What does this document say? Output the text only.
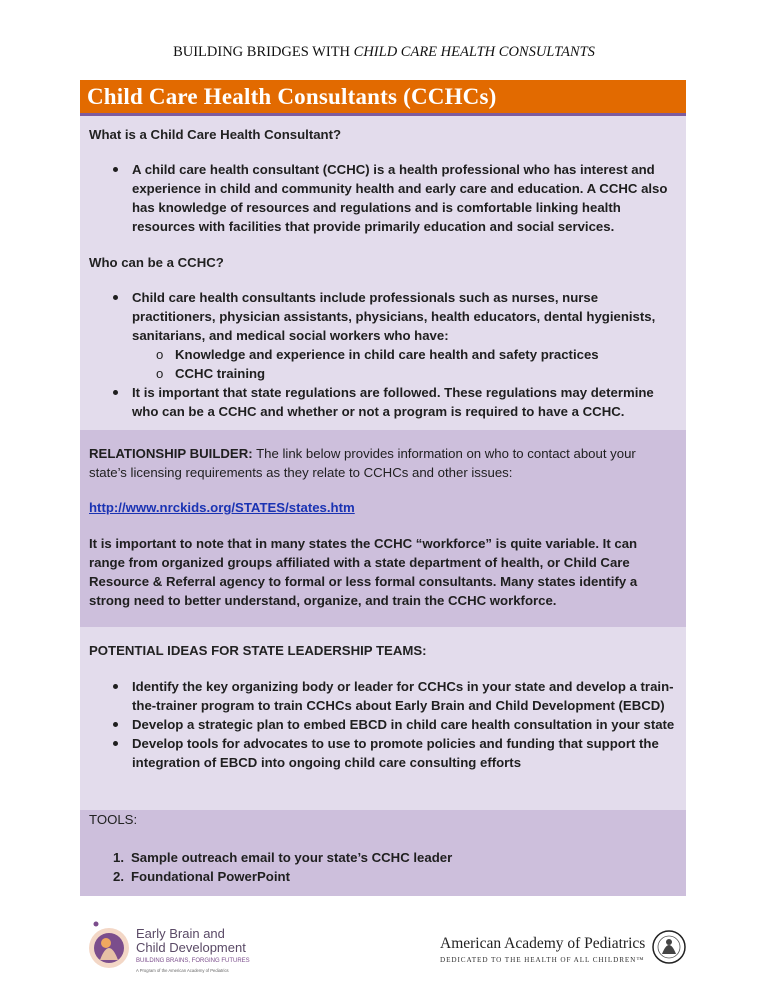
BUILDING BRIDGES WITH CHILD CARE HEALTH CONSULTANTS
Child Care Health Consultants (CCHCs)
What is a Child Care Health Consultant?
A child care health consultant (CCHC) is a health professional who has interest and experience in child and community health and early care and education. A CCHC also has knowledge of resources and regulations and is comfortable linking health resources with facilities that provide primarily education and social services.
Who can be a CCHC?
Child care health consultants include professionals such as nurses, nurse practitioners, physician assistants, physicians, health educators, dental hygienists, sanitarians, and medical social workers who have:
o Knowledge and experience in child care health and safety practices
o CCHC training
It is important that state regulations are followed. These regulations may determine who can be a CCHC and whether or not a program is required to have a CCHC.
RELATIONSHIP BUILDER: The link below provides information on who to contact about your state’s licensing requirements as they relate to CCHCs and other issues:
http://www.nrckids.org/STATES/states.htm
It is important to note that in many states the CCHC “workforce” is quite variable. It can range from organized groups affiliated with a state department of health, or Child Care Resource & Referral agency to formal or less formal consultants. Many states identify a strong need to better understand, organize, and train the CCHC workforce.
POTENTIAL IDEAS FOR STATE LEADERSHIP TEAMS:
Identify the key organizing body or leader for CCHCs in your state and develop a train-the-trainer program to train CCHCs about Early Brain and Child Development (EBCD)
Develop a strategic plan to embed EBCD in child care health consultation in your state
Develop tools for advocates to use to promote policies and funding that support the integration of EBCD into ongoing child care consulting efforts
TOOLS:
1. Sample outreach email to your state’s CCHC leader
2. Foundational PowerPoint
Early Brain and
Child Development
BUILDING BRAINS, FORGING FUTURES
A Program of the American Academy of Pediatrics
American Academy of Pediatrics
DEDICATED TO THE HEALTH OF ALL CHILDREN™
